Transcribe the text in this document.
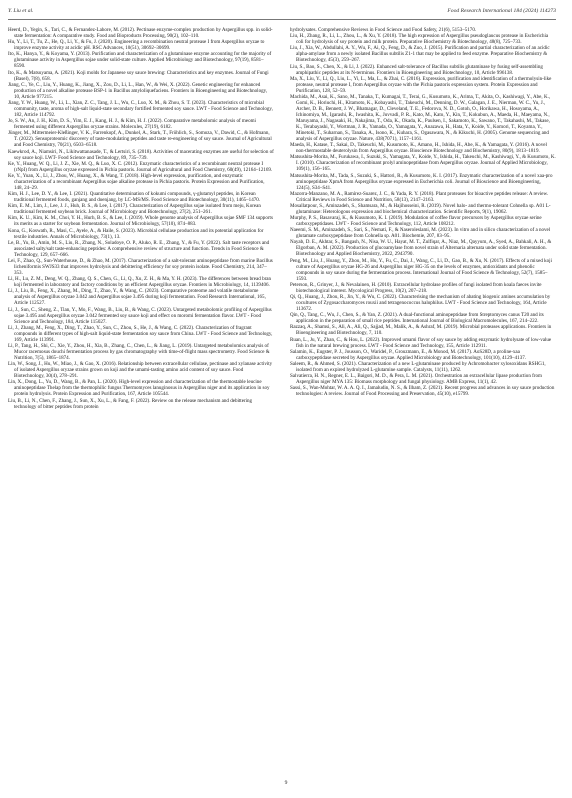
Y. Liu et al.	Food Research International 184 (2024) 114273

Heerd, D., Yegin, S., Tari, C., & Fernandez-Lahore, M. (2012). Pectinase enzyme-complex production by Aspergillus spp. in solid-state fermentation: A comparative study. Food and Bioproducts Processing, 90(2), 102–110.

Hu, Y., Li, T., Tu, Z., He, Q., Li, Y., & Fu, J. (2020). Engineering a recombination neutral protease I from Aspergillus oryzae to improve enzyme activity at acidic pH. RSC Advances, 10(51), 30692–30699.

Ito, K., Hanya, Y., & Koyama, Y. (2013). Purification and characterization of a glutaminase enzyme accounting for the majority of glutaminase activity in Aspergillus sojae under solid-state culture. Applied Microbiology and Biotechnology, 97(19), 8581–8590.

Ito, K., & Matsuyama, A. (2021). Koji molds for Japanese soy sauce brewing: Characteristics and key enzymes. Journal of Fungi (Basel), 7(8), 658.

Jiang, C., Ye, C., Liu, Y., Huang, K., Jiang, X., Zou, D., Li, L., Han, W., & Wei, X. (2022). Genetic engineering for enhanced production of a novel alkaline protease BSP-1 in Bacillus amyloliquefaciens. Frontiers in Bioengineering and Biotechnology, 10, Article 977215.

Jiang, Y. W., Huang, W., Li, L., Xian, Z. C., Tang, J. L., Wu, C., Luo, X. M., & Zhou, S. T. (2023). Characteristics of microbial community, taste, aroma of high-salt liquid-state secondary fortified fermented soy sauce. LWT - Food Science and Technology, 182, Article 114792.

Jo, S. W., An, J. H., Kim, D. S., Yim, E. J., Kang, H. J., & Kim, H. J. (2022). Comparative metabolomic analysis of meomi fermented using different Aspergillus oryzae strains. Molecules, 27(19), 6182.

Jünger, M., Mittermeier-Kleßinger, V. K., Farrenkopf, A., Dunkel, A., Stark, T., Fröhlich, S., Somoza, V., Dawid, C., & Hofmann, T. (2022). Sensoproteomic discovery of taste-modulating peptides and taste re-engineering of soy sauce. Journal of Agricultural and Food Chemistry, 70(21), 6503–6518.

Kaewkrod, A., Niamsiri, N., Likitwattanasade, T., & Lertsiri, S. (2018). Activities of macerating enzymes are useful for selection of soy sauce koji. LWT- Food Science and Technology, 89, 735–739.

Ke, Y., Huang, W. Q., Li, J. Z., Xie, M. Q., & Luo, X. C. (2012). Enzymatic characteristics of a recombinant neutral protease I (rNpI) from Aspergillus oryzae expressed in Pichia pastoris. Journal of Agricultural and Food Chemistry, 60(49), 12164–12169.

Ke, Y., Yuan, X., Li, J., Zhou, W., Huang, X., & Wang, T. (2018). High-level expression, purification, and enzymatic characterization of a recombinant Aspergillus sojae alkaline protease in Pichia pastoris. Protein Expression and Purification, 148, 24–29.

Kim, H. J., Lee, D. Y., & Lee, I. (2021). Quantitative determination of kokumi compounds, γ-glutamyl peptides, in Korean traditional fermented foods, ganjang and doenjang, by LC-MS/MS. Food Science and Biotechnology, 30(11), 1465–1470.

Kim, E. M., Lim, J., Lee, J. J., Huh, B. S., & Lee, I. (2017). Characterization of Aspergillus sojae isolated from meju, Korean traditional fermented soybean brick. Journal of Microbiology and Biotechnology, 27(2), 251–261.

Kim, K. U., Kim, K. M., Choi, Y. H., Hurh, B. S., & Lee, I. (2019). Whole genome analysis of Aspergillus sojae SMF 134 supports its merits as a starter for soybean fermentation. Journal of Microbiology, 57(10), 874–883.

Kona, G., Koswath, R., Masi, C., Ayele, A., & Haile, S. (2023). Microbial cellulase production and its potential application for textile industries. Annals of Microbiology, 73(1), 13.

Le, B., Yu, B., Amin, M. S., Liu, R., Zhang, N., Soladoye, O. P., Aluko, R. E., Zhang, Y., & Fu, Y. (2022). Salt taste receptors and associated salty/salt taste-enhancing peptides: A comprehensive review of structure and function. Trends in Food Science & Technology, 129, 657–666.

Lei, F., Zhao, Q., Sun-Waterhouse, D., & Zhao, M. (2017). Characterization of a salt-tolerant aminopeptidase from marine Bacillus licheniformis SWJS33 that improves hydrolysis and debittering efficiency for soy protein isolate. Food Chemistry, 214, 347–353.

Li, H., Lu, Z. M., Deng, W. Q., Zhang, Q. S., Chen, G., Li, Q., Xu, Z. H., & Ma, Y. H. (2023). The differences between bread bran koji fermented in laboratory and factory conditions by an efficient Aspergillus oryzae. Frontiers in Microbiology, 14, 1139406.

Li, J., Liu, B., Feng, X., Zhang, M., Ding, T., Zhao, Y., & Wang, C. (2023). Comparative proteome and volatile metabolome analysis of Aspergillus oryzae 3.042 and Aspergillus sojae 3.495 during koji fermentation. Food Research International, 165, Article 112527.

Li, J., Sun, C., Sheng, Z., Tian, Y., Mo, F., Wang, B., Liu, B., & Wang, C. (2023). Untargeted metabolomic profiling of Aspergillus sojae 3.495 and Aspergillus oryzae 3.042 fermented soy sauce koji and effect on moromi fermentation flavor. LWT - Food Science and Technology, 184, Article 115027.

Li, J., Zhang, M., Feng, X., Ding, T., Zhao, Y., Sun, C., Zhou, S., He, J., & Wang, C. (2022). Characterization of fragrant compounds in different types of high-salt liquid-state fermentation soy sauce from China. LWT - Food Science and Technology, 169, Article 113991.

Li, P., Tang, H., Shi, C., Xie, Y., Zhou, H., Xia, B., Zhang, C., Chen, L., & Jiang, L. (2019). Untargeted metabolomics analysis of Mucor racemosus douchi fermentation process by gas chromatography with time-of-flight mass spectrometry. Food Science & Nutrition, 7(5), 1865–1874.

Lin, W., Song, J., Hu, W., Miao, J., & Gao, X. (2016). Relationship between extracellular cellulase, pectinase and xylanase activity of isolated Aspergillus oryzae strains grown on koji and the umami-tasting amino acid content of soy sauce. Food Biotechnology, 30(4), 278–291.

Lin, X., Dong, L., Yu, D., Wang, B., & Pan, L. (2020). High-level expression and characterization of the thermostable leucine aminopeptidase Thelap from the thermophilic fungus Thermomyces lanuginosus in Aspergillus niger and its application in soy protein hydrolysis. Protein Expression and Purification, 167, Article 105544.

Liu, B., Li, N., Chen, F., Zhang, J., Sun, X., Xu, L., & Fang, F. (2022). Review on the release mechanism and debittering technology of bitter peptides from protein

hydrolysates. Comprehensive Reviews in Food Science and Food Safety, 21(6), 5153–5170.

Liu, H., Zhang, R., Li, L., Zhou, L., & Xu, Y. (2018). The high expression of Aspergillus pseudoglaucus protease in Escherichia coli for hydrolysis of soy protein and milk protein. Preparative Biochemistry & Biotechnology, 48(8), 725–733.

Liu, J., Xia, W., Abdullahi, A. Y., Wu, F., Ai, Q., Feng, D., & Zuo, J. (2015). Purification and partial characterization of an acidic alpha-amylase from a newly isolated Bacillus subtilis Z1-1 that may be applied to feed enzyme. Preparative Biochemistry & Biotechnology, 45(3), 259–267.

Liu, S., Bao, S., Chen, X., & Li, J. (2022). Enhanced salt-tolerance of Bacillus subtilis glutaminase by fusing self-assembling amphipathic peptides at its N-terminus. Frontiers in Bioengineering and Biotechnology, 10, Article 996138.

Ma, X., Liu, Y., Li, Q., Liu, L., Yi, L., Ma, L., & Zhai, C. (2016). Expression, purification and identification of a thermolysin-like protease, neutral protease I, from Aspergillus oryzae with the Pichia pastoris expression system. Protein Expression and Purification, 128, 52–59.

Machida, M., Asai, K., Sano, M., Tanaka, T., Kumagai, T., Terai, G., Kusumoto, K., Arima, T., Akita, O., Kashiwagi, Y., Abe, K., Gomi, K., Horiuchi, H., Kitamoto, K., Kobayashi, T., Takeuchi, M., Denning, D. W., Galagan, J. E., Nierman, W. C., Yu, J., Archer, D. B., Bennett, J. W., Bhatnagar, D., Cleveland, T. E., Fedorova, N. D., Gotoh, O., Horikawa, H., Hosoyama, A., Ichinomiya, M., Igarashi, R., Iwashita, K., Juvvadi, P. R., Kato, M., Kato, Y., Kin, T., Kokubun, A., Maeda, H., Maeyama, N., Maruyama, J., Nagasaki, H., Nakajima, T., Oda, K., Okada, K., Paulsen, I., Sakamoto, K., Sawano, T., Takahashi, M., Takase, K., Terabayashi, Y., Wortman, J. R., Yamada, O., Yamagata, Y., Anazawa, H., Hata, Y., Koide, Y., Komori, T., Koyama, Y., Minetoki, T., Suharnan, S., Tanaka, A., Isono, K., Kuhara, S., Ogasawara, N., & Kikuchi, H. (2005). Genome sequencing and analysis of Aspergillus oryzae. Nature, 438(7071), 1157–1161.

Maeda, H., Katase, T., Sakai, D., Takeuchi, M., Kusumoto, K., Amano, H., Ishida, H., Abe, K., & Yamagata, Y. (2016). A novel non-thermostable deuterolysin from Aspergillus oryzae. Bioscience Biotechnology and Biochemistry, 80(9), 1813–1819.

Matsushita-Morita, M., Furukawa, I., Suzuki, S., Yamagata, Y., Koide, Y., Ishida, H., Takeuchi, M., Kashiwagi, Y., & Kusumoto, K. I. (2010). Characterization of recombinant prolyl aminopeptidase from Aspergillus oryzae. Journal of Applied Microbiology, 109(1), 156–165.

Matsushita-Morita, M., Tada, S., Suzuki, S., Hattori, R., & Kusumoto, K. I. (2017). Enzymatic characterization of a novel xaa-pro aminopeptidase XpmA from Aspergillus oryzae expressed in Escherichia coli. Journal of Bioscience and Bioengineering, 124(5), S34–S41.

Mazorra-Manzano, M. A., Ramírez-Suarez, J. C., & Yada, R. Y. (2018). Plant proteases for bioactive peptides release: A review. Critical Reviews in Food Science and Nutrition, 58(13), 2147–2163.

Mosallatpour, S., Aminzadeh, S., Shamsara, M., & Hajihosseini, R. (2019). Novel halo- and thermo-tolerant Cohnella sp. A01 L-glutaminase: Heterologous expression and biochemical characterization. Scientific Reports, 9(1), 19062.

Murphy, P. S., Basavaraj, K., & Kusumoto, K. I. (2019). Modulation of coffee flavor precursors by Aspergillus oryzae serine carboxypeptidases. LWT - Food Science and Technology, 112, Article 108212.

Naeemi, S. M., Aminzadeh, S., Sari, S., Nemati, F., & Naseroleslami, M. (2023). In vitro and in silico characterization of a novel glutamate carboxypeptidase from Cohnella sp. A01. Biochemie, 207, 83–95.

Nayab, D. E., Akhtar, S., Bangash, N., Nisa, W. U., Hayat, M. T., Zulfiqar, A., Niaz, M., Qayyum, A., Syed, A., Bahkali, A. H., & Elgorban, A. M. (2022). Production of glucoamylase from novel strain of Alternaria alternata under solid state fermentation. Biotechnology and Applied Biochemistry, 2022, 2943790.

Peng, M., Liu, J., Huang, Y., Zhou, M., Hu, Y., Fu, C., Dai, J., Wang, C., Li, D., Gao, B., & Xu, N. (2017). Effects of a mixed koji culture of Aspergillus oryzae HG-26 and Aspergillus niger HG-35 on the levels of enzymes, antioxidants and phenolic compounds in soy sauce during the fermentation process. International Journal of Food Science & Technology, 52(7), 1585–1593.

Peterson, R., Grinyer, J., & Nevalainen, H. (2010). Extracellular hydrolase profiles of fungi isolated from koala faeces invite biotechnological interest. Mycological Progress, 10(2), 207–218.

Qi, Q., Huang, J., Zhou, R., Jin, Y., & Wu, C. (2022). Characterising the mechanism of abating biogenic amines accumulation by cocultures of Zygosaccharomyces rouxii and tetragenococcus halophilus. LWT - Food Science and Technology, 164, Article 113672.

Qin, Q., Tang, C., Wu, J., Chen, S., & Yan, Z. (2021). A dual-functional aminopeptidase from Streptomyces canus T20 and its application in the preparation of small rice peptides. International Journal of Biological Macromolecules, 167, 214–222.

Razzaq, A., Shamsi, S., Ali, A., Ali, Q., Sajjad, M., Malik, A., & Ashraf, M. (2019). Microbial proteases applications. Frontiers in Bioengineering and Biotechnology, 7, 110.

Ruan, L., Ju, Y., Zhan, C., & Hou, L. (2022). Improved umami flavor of soy sauce by adding enzymatic hydrolysate of low-value fish in the natural brewing process. LWT - Food Science and Technology, 155, Article 112911.

Salamin, K., Eugster, P. J., Jousson, O., Waridel, P., Grouzmann, E., & Monod, M. (2017). AoS28D, a proline-xaa carboxypeptidase secreted by Aspergillus oryzae. Applied Microbiology and Biotechnology, 101(10), 4129–4137.

Saleem, R., & Ahmed, S. (2021). Characterization of a new L-glutaminase produced by Achromobacter xylosoxidans RSHG1, isolated from an expired hydrolyzed L-glutamine sample. Catalysts, 11(11), 1262.

Salvatierra, H. N., Regner, E. L., Baigori, M. D., & Pera, L. M. (2021). Orchestration an extracellular lipase production from Aspergillus niger MYA 135: Biomass morphology and fungal physiology. AMB Express, 11(1), 42.

Sassi, S., Wan-Mohtar, W. A. A. Q. I., Jamaludin, N. S., & Ilham, Z. (2021). Recent progress and advances in soy sauce production technologies: A review. Journal of Food Processing and Preservation, 45(10), e15799.

9
